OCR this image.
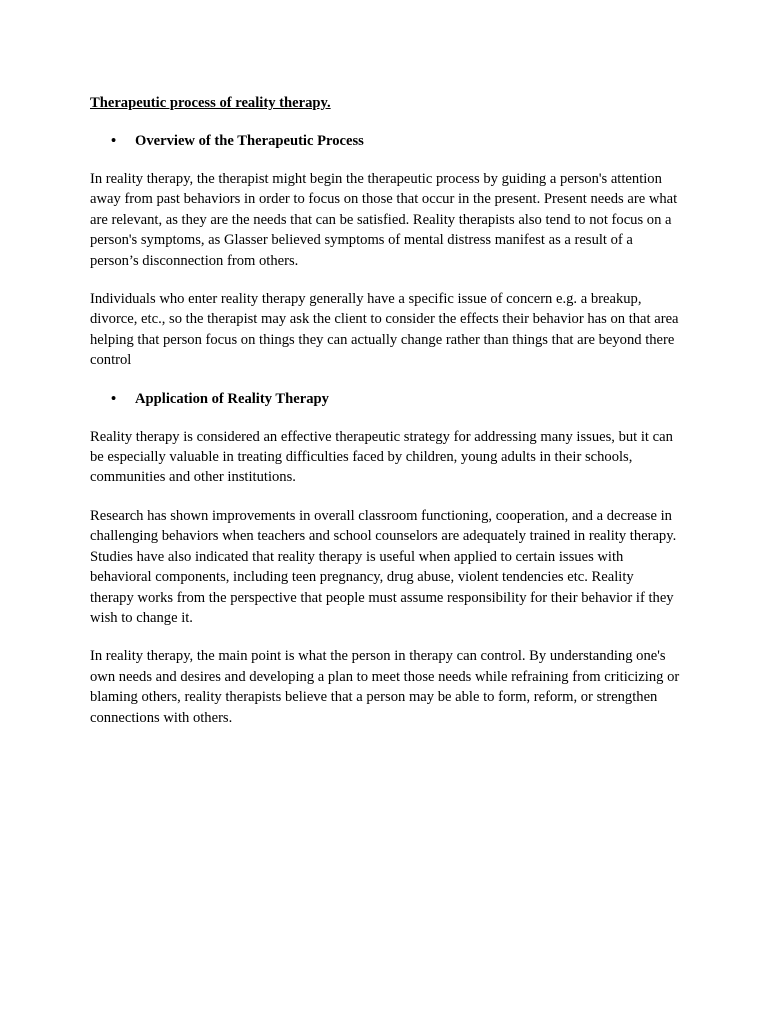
Therapeutic process of reality therapy.
•	Overview of the Therapeutic Process

In reality therapy, the therapist might begin the therapeutic process by guiding a person's attention away from past behaviors in order to focus on those that occur in the present. Present needs are what are relevant, as they are the needs that can be satisfied. Reality therapists also tend to not focus on a person's symptoms, as Glasser believed symptoms of mental distress manifest as a result of a person’s disconnection from others.

Individuals who enter reality therapy generally have a specific issue of concern e.g. a breakup, divorce, etc., so the therapist may ask the client to consider the effects their behavior has on that area helping that person focus on things they can actually change rather than things that are beyond there control

•	Application of Reality Therapy

Reality therapy is considered an effective therapeutic strategy for addressing many issues, but it can be especially valuable in treating difficulties faced by children, young adults in their schools, communities and other institutions.

Research has shown improvements in overall classroom functioning, cooperation, and a decrease in challenging behaviors when teachers and school counselors are adequately trained in reality therapy. Studies have also indicated that reality therapy is useful when applied to certain issues with behavioral components, including teen pregnancy, drug abuse, violent tendencies etc. Reality therapy works from the perspective that people must assume responsibility for their behavior if they wish to change it.

In reality therapy, the main point is what the person in therapy can control. By understanding one's own needs and desires and developing a plan to meet those needs while refraining from criticizing or blaming others, reality therapists believe that a person may be able to form, reform, or strengthen connections with others.
